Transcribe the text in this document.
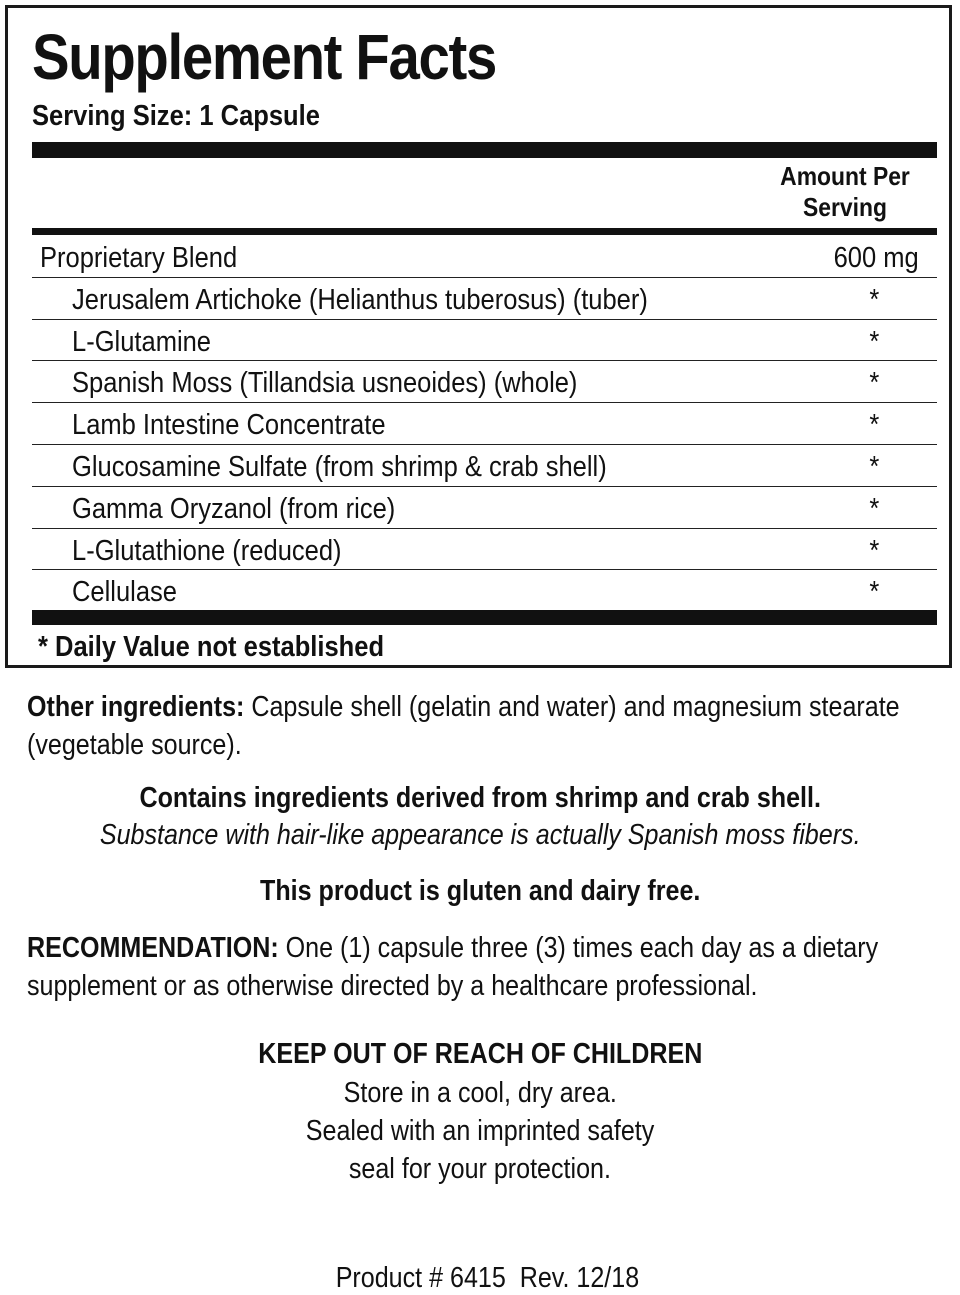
Supplement Facts
Serving Size: 1 Capsule
Amount Per
Serving
Proprietary Blend	600 mg
Jerusalem Artichoke (Helianthus tuberosus) (tuber)	*
L-Glutamine	*
Spanish Moss (Tillandsia usneoides) (whole)	*
Lamb Intestine Concentrate	*
Glucosamine Sulfate (from shrimp & crab shell)	*
Gamma Oryzanol (from rice)	*
L-Glutathione (reduced)	*
Cellulase	*
* Daily Value not established
Other ingredients: Capsule shell (gelatin and water) and magnesium stearate (vegetable source).
Contains ingredients derived from shrimp and crab shell.
Substance with hair-like appearance is actually Spanish moss fibers.
This product is gluten and dairy free.
RECOMMENDATION: One (1) capsule three (3) times each day as a dietary supplement or as otherwise directed by a healthcare professional.
KEEP OUT OF REACH OF CHILDREN
Store in a cool, dry area.
Sealed with an imprinted safety
seal for your protection.

Product # 6415  Rev. 12/18
